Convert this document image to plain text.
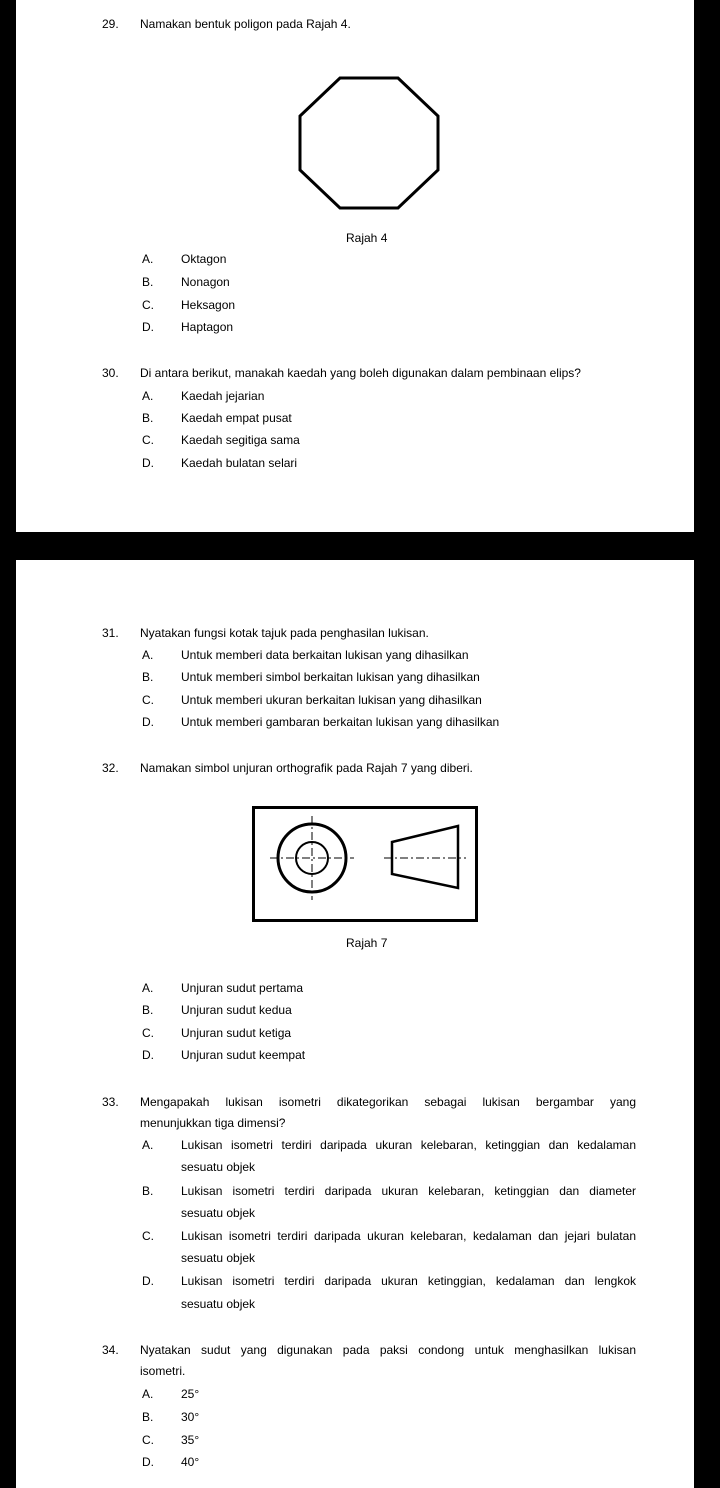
29. Namakan bentuk poligon pada Rajah 4.
Rajah 4
A. Oktagon
B. Nonagon
C. Heksagon
D. Haptagon
30. Di antara berikut, manakah kaedah yang boleh digunakan dalam pembinaan elips?
A. Kaedah jejarian
B. Kaedah empat pusat
C. Kaedah segitiga sama
D. Kaedah bulatan selari
31. Nyatakan fungsi kotak tajuk pada penghasilan lukisan.
A. Untuk memberi data berkaitan lukisan yang dihasilkan
B. Untuk memberi simbol berkaitan lukisan yang dihasilkan
C. Untuk memberi ukuran berkaitan lukisan yang dihasilkan
D. Untuk memberi gambaran berkaitan lukisan yang dihasilkan
32. Namakan simbol unjuran orthografik pada Rajah 7 yang diberi.
Rajah 7
A. Unjuran sudut pertama
B. Unjuran sudut kedua
C. Unjuran sudut ketiga
D. Unjuran sudut keempat
33. Mengapakah lukisan isometri dikategorikan sebagai lukisan bergambar yang
menunjukkan tiga dimensi?
A. Lukisan isometri terdiri daripada ukuran kelebaran, ketinggian dan kedalaman
sesuatu objek
B. Lukisan isometri terdiri daripada ukuran kelebaran, ketinggian dan diameter
sesuatu objek
C. Lukisan isometri terdiri daripada ukuran kelebaran, kedalaman dan jejari bulatan
sesuatu objek
D. Lukisan isometri terdiri daripada ukuran ketinggian, kedalaman dan lengkok
sesuatu objek
34. Nyatakan sudut yang digunakan pada paksi condong untuk menghasilkan lukisan
isometri.
A. 25°
B. 30°
C. 35°
D. 40°
